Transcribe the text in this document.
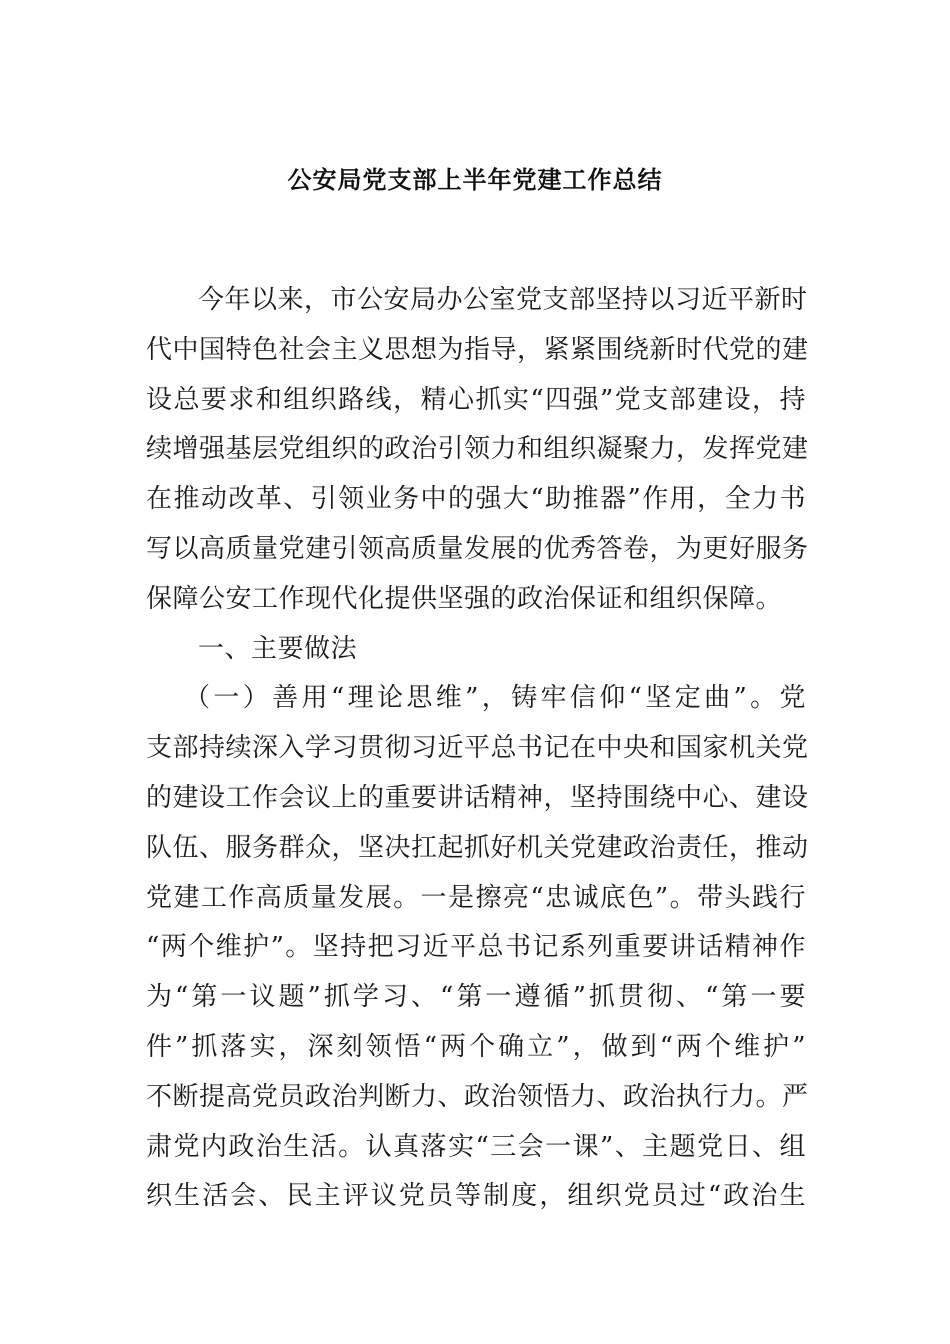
公安局党支部上半年党建工作总结
今年以来，市公安局办公室党支部坚持以习近平新时
代中国特色社会主义思想为指导，紧紧围绕新时代党的建
设总要求和组织路线，精心抓实“四强”党支部建设，持
续增强基层党组织的政治引领力和组织凝聚力，发挥党建
在推动改革、引领业务中的强大“助推器”作用，全力书
写以高质量党建引领高质量发展的优秀答卷，为更好服务
保障公安工作现代化提供坚强的政治保证和组织保障。
一、主要做法
（一）善用“理论思维”，铸牢信仰“坚定曲”。党
支部持续深入学习贯彻习近平总书记在中央和国家机关党
的建设工作会议上的重要讲话精神，坚持围绕中心、建设
队伍、服务群众，坚决扛起抓好机关党建政治责任，推动
党建工作高质量发展。一是擦亮“忠诚底色”。带头践行
“两个维护”。坚持把习近平总书记系列重要讲话精神作
为“第一议题”抓学习、“第一遵循”抓贯彻、“第一要
件”抓落实，深刻领悟“两个确立”，做到“两个维护”
不断提高党员政治判断力、政治领悟力、政治执行力。严
肃党内政治生活。认真落实“三会一课”、主题党日、组
织生活会、民主评议党员等制度，组织党员过“政治生
